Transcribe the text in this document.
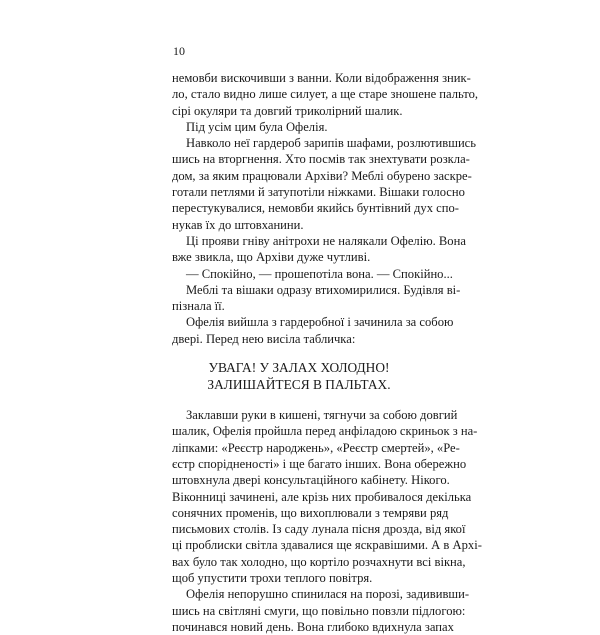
10
немовби вискочивши з ванни. Коли відображення зник-
ло, стало видно лише силует, а ще старе зношене пальто,
сірі окуляри та довгий триколірний шалик.
Під усім цим була Офелія.
Навколо неї гардероб зарипів шафами, розлютившись
шись на вторгнення. Хто посмів так знехтувати розкла-
дом, за яким працювали Архіви? Меблі обурено заскре-
готали петлями й затупотіли ніжками. Вішаки голосно
перестукувалися, немовби якийсь бунтівний дух спо-
нукав їх до штовханини.
Ці прояви гніву анітрохи не налякали Офелію. Вона
вже звикла, що Архіви дуже чутливі.
— Спокійно, — прошепотіла вона. — Спокійно...
Меблі та вішаки одразу втихомирилися. Будівля ві-
пізнала її.
Офелія вийшла з гардеробної і зачинила за собою
двері. Перед нею висіла табличка:
УВАГА! У ЗАЛАХ ХОЛОДНО!
ЗАЛИШАЙТЕСЯ В ПАЛЬТАХ.
Заклавши руки в кишені, тягнучи за собою довгий
шалик, Офелія пройшла перед анфіладою скриньок з на-
ліпками: «Реєстр народжень», «Реєстр смертей», «Ре-
єстр спорідненості» і ще багато інших. Вона обережно
штовхнула двері консультаційного кабінету. Нікого.
Віконниці зачинені, але крізь них пробивалося декілька
сонячних променів, що вихоплювали з темряви ряд
письмових столів. Із саду лунала пісня дрозда, від якої
ці проблиски світла здавалися ще яскравішими. А в Архі-
вах було так холодно, що кортіло розчахнути всі вікна,
щоб упустити трохи теплого повітря.
Офелія непорушно спинилася на порозі, задививши-
шись на світляні смуги, що повільно повзли підлогою:
починався новий день. Вона глибоко вдихнула запах
